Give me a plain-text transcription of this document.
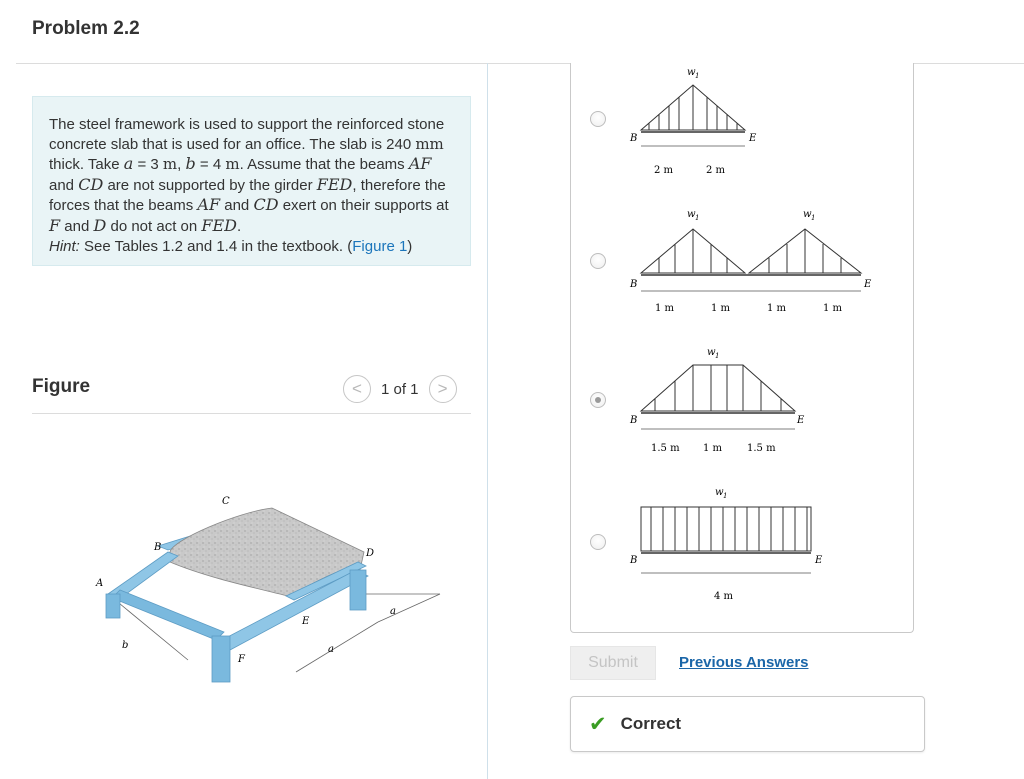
Problem 2.2
The steel framework is used to support the reinforced stone concrete slab that is used for an office. The slab is 240 mm thick. Take a = 3 m, b = 4 m. Assume that the beams AF and CD are not supported by the girder FED, therefore the forces that the beams AF and CD exert on their supports at F and D do not act on FED.
Hint: See Tables 1.2 and 1.4 in the textbook. (Figure 1)
Figure	< 1 of 1 >
A
B
C
D
E
F
a
a
b
w 1
B	E
2 m	2 m
w 1	w 1
B	E
1 m	1 m	1 m	1 m
w 1
B	E
1.5 m 1 m 1.5 m
w 1
B	E
4 m
Submit	Previous Answers
✔ Correct
